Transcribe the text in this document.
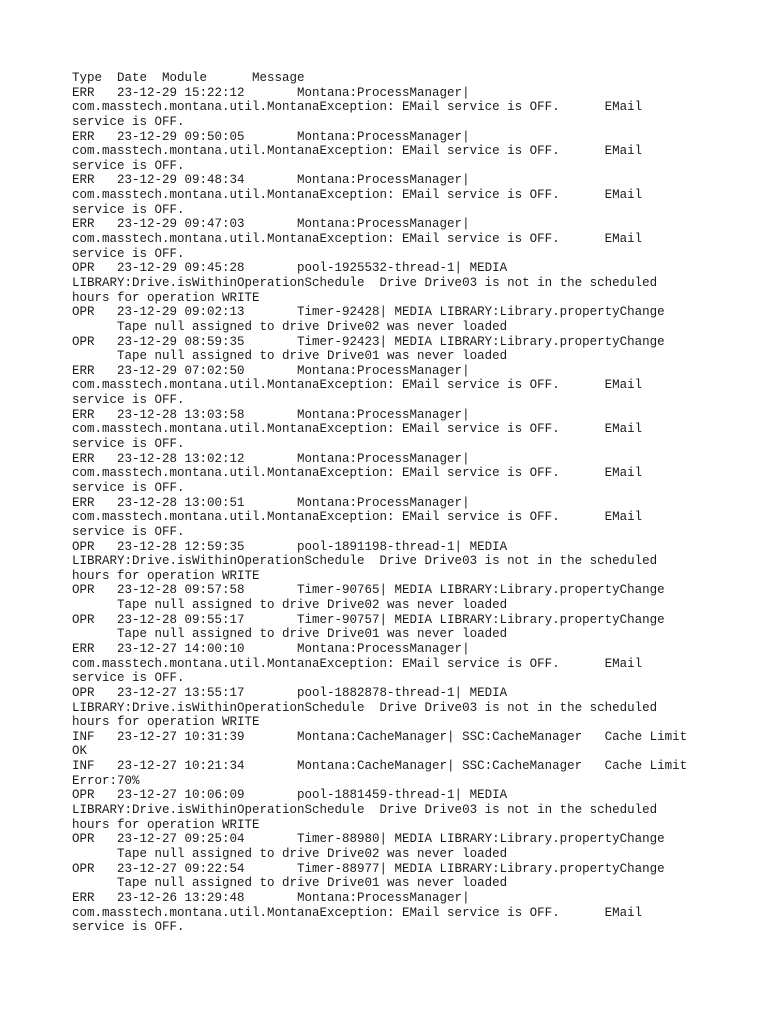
Type  Date  Module      Message
ERR   23-12-29 15:22:12       Montana:ProcessManager|
com.masstech.montana.util.MontanaException: EMail service is OFF.      EMail
service is OFF.
ERR   23-12-29 09:50:05       Montana:ProcessManager|
com.masstech.montana.util.MontanaException: EMail service is OFF.      EMail
service is OFF.
ERR   23-12-29 09:48:34       Montana:ProcessManager|
com.masstech.montana.util.MontanaException: EMail service is OFF.      EMail
service is OFF.
ERR   23-12-29 09:47:03       Montana:ProcessManager|
com.masstech.montana.util.MontanaException: EMail service is OFF.      EMail
service is OFF.
OPR   23-12-29 09:45:28       pool-1925532-thread-1| MEDIA
LIBRARY:Drive.isWithinOperationSchedule  Drive Drive03 is not in the scheduled
hours for operation WRITE
OPR   23-12-29 09:02:13       Timer-92428| MEDIA LIBRARY:Library.propertyChange
Tape null assigned to drive Drive02 was never loaded
OPR   23-12-29 08:59:35       Timer-92423| MEDIA LIBRARY:Library.propertyChange
Tape null assigned to drive Drive01 was never loaded
ERR   23-12-29 07:02:50       Montana:ProcessManager|
com.masstech.montana.util.MontanaException: EMail service is OFF.      EMail
service is OFF.
ERR   23-12-28 13:03:58       Montana:ProcessManager|
com.masstech.montana.util.MontanaException: EMail service is OFF.      EMail
service is OFF.
ERR   23-12-28 13:02:12       Montana:ProcessManager|
com.masstech.montana.util.MontanaException: EMail service is OFF.      EMail
service is OFF.
ERR   23-12-28 13:00:51       Montana:ProcessManager|
com.masstech.montana.util.MontanaException: EMail service is OFF.      EMail
service is OFF.
OPR   23-12-28 12:59:35       pool-1891198-thread-1| MEDIA
LIBRARY:Drive.isWithinOperationSchedule  Drive Drive03 is not in the scheduled
hours for operation WRITE
OPR   23-12-28 09:57:58       Timer-90765| MEDIA LIBRARY:Library.propertyChange
Tape null assigned to drive Drive02 was never loaded
OPR   23-12-28 09:55:17       Timer-90757| MEDIA LIBRARY:Library.propertyChange
Tape null assigned to drive Drive01 was never loaded
ERR   23-12-27 14:00:10       Montana:ProcessManager|
com.masstech.montana.util.MontanaException: EMail service is OFF.      EMail
service is OFF.
OPR   23-12-27 13:55:17       pool-1882878-thread-1| MEDIA
LIBRARY:Drive.isWithinOperationSchedule  Drive Drive03 is not in the scheduled
hours for operation WRITE
INF   23-12-27 10:31:39       Montana:CacheManager| SSC:CacheManager   Cache Limit
OK
INF   23-12-27 10:21:34       Montana:CacheManager| SSC:CacheManager   Cache Limit
Error:70%
OPR   23-12-27 10:06:09       pool-1881459-thread-1| MEDIA
LIBRARY:Drive.isWithinOperationSchedule  Drive Drive03 is not in the scheduled
hours for operation WRITE
OPR   23-12-27 09:25:04       Timer-88980| MEDIA LIBRARY:Library.propertyChange
Tape null assigned to drive Drive02 was never loaded
OPR   23-12-27 09:22:54       Timer-88977| MEDIA LIBRARY:Library.propertyChange
Tape null assigned to drive Drive01 was never loaded
ERR   23-12-26 13:29:48       Montana:ProcessManager|
com.masstech.montana.util.MontanaException: EMail service is OFF.      EMail
service is OFF.
